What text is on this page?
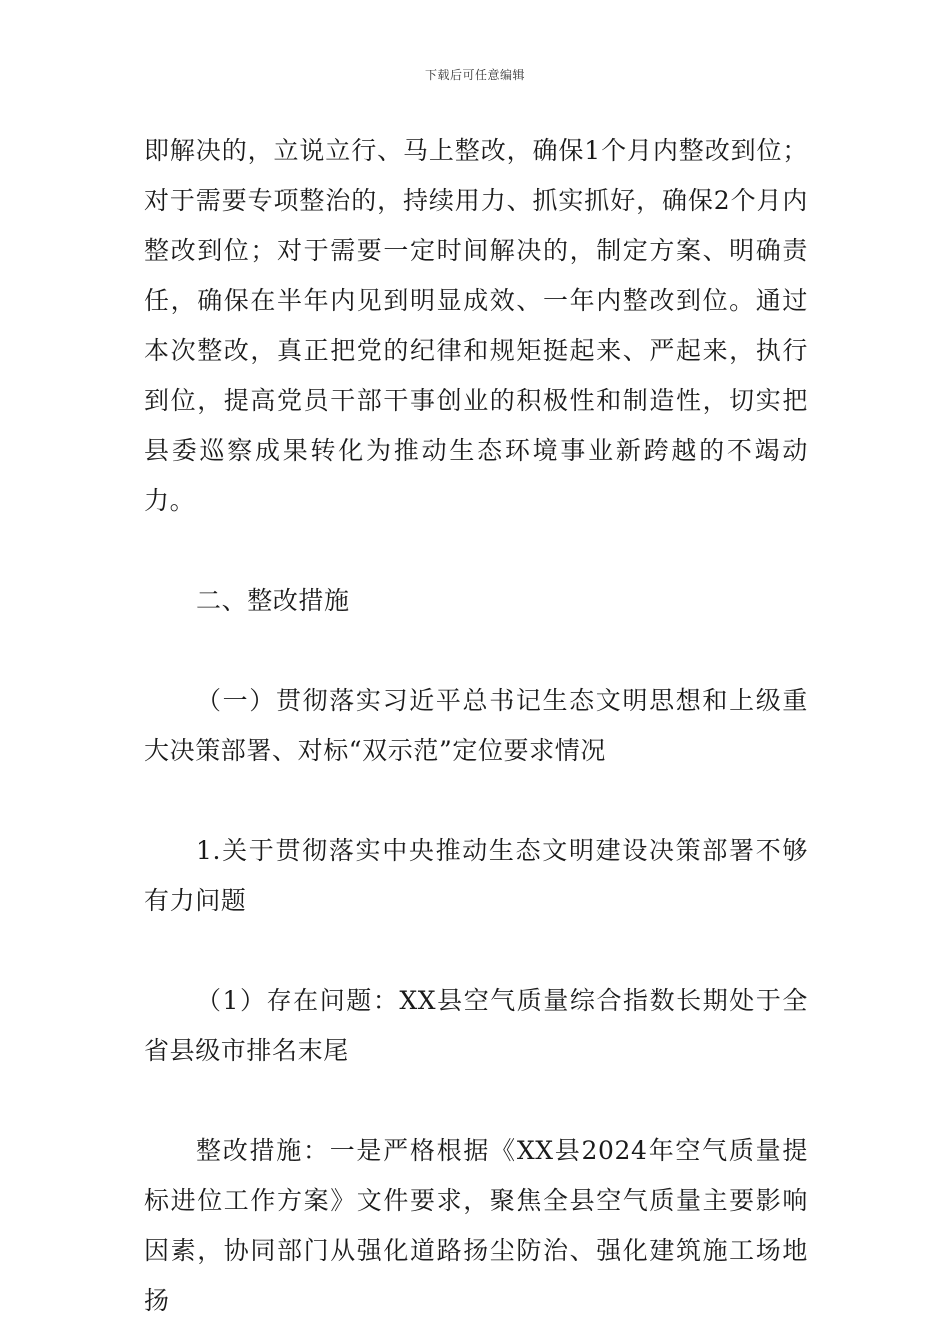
下载后可任意编辑

即解决的，立说立行、马上整改，确保1个月内整改到位；对于需要专项整治的，持续用力、抓实抓好，确保2个月内整改到位；对于需要一定时间解决的，制定方案、明确责任，确保在半年内见到明显成效、一年内整改到位。通过本次整改，真正把党的纪律和规矩挺起来、严起来，执行到位，提高党员干部干事创业的积极性和制造性，切实把县委巡察成果转化为推动生态环境事业新跨越的不竭动力。

二、整改措施

（一）贯彻落实习近平总书记生态文明思想和上级重大决策部署、对标“双示范”定位要求情况

1.关于贯彻落实中央推动生态文明建设决策部署不够有力问题

（1）存在问题：XX县空气质量综合指数长期处于全省县级市排名末尾

整改措施：一是严格根据《XX县2024年空气质量提标进位工作方案》文件要求，聚焦全县空气质量主要影响因素，协同部门从强化道路扬尘防治、强化建筑施工场地扬
